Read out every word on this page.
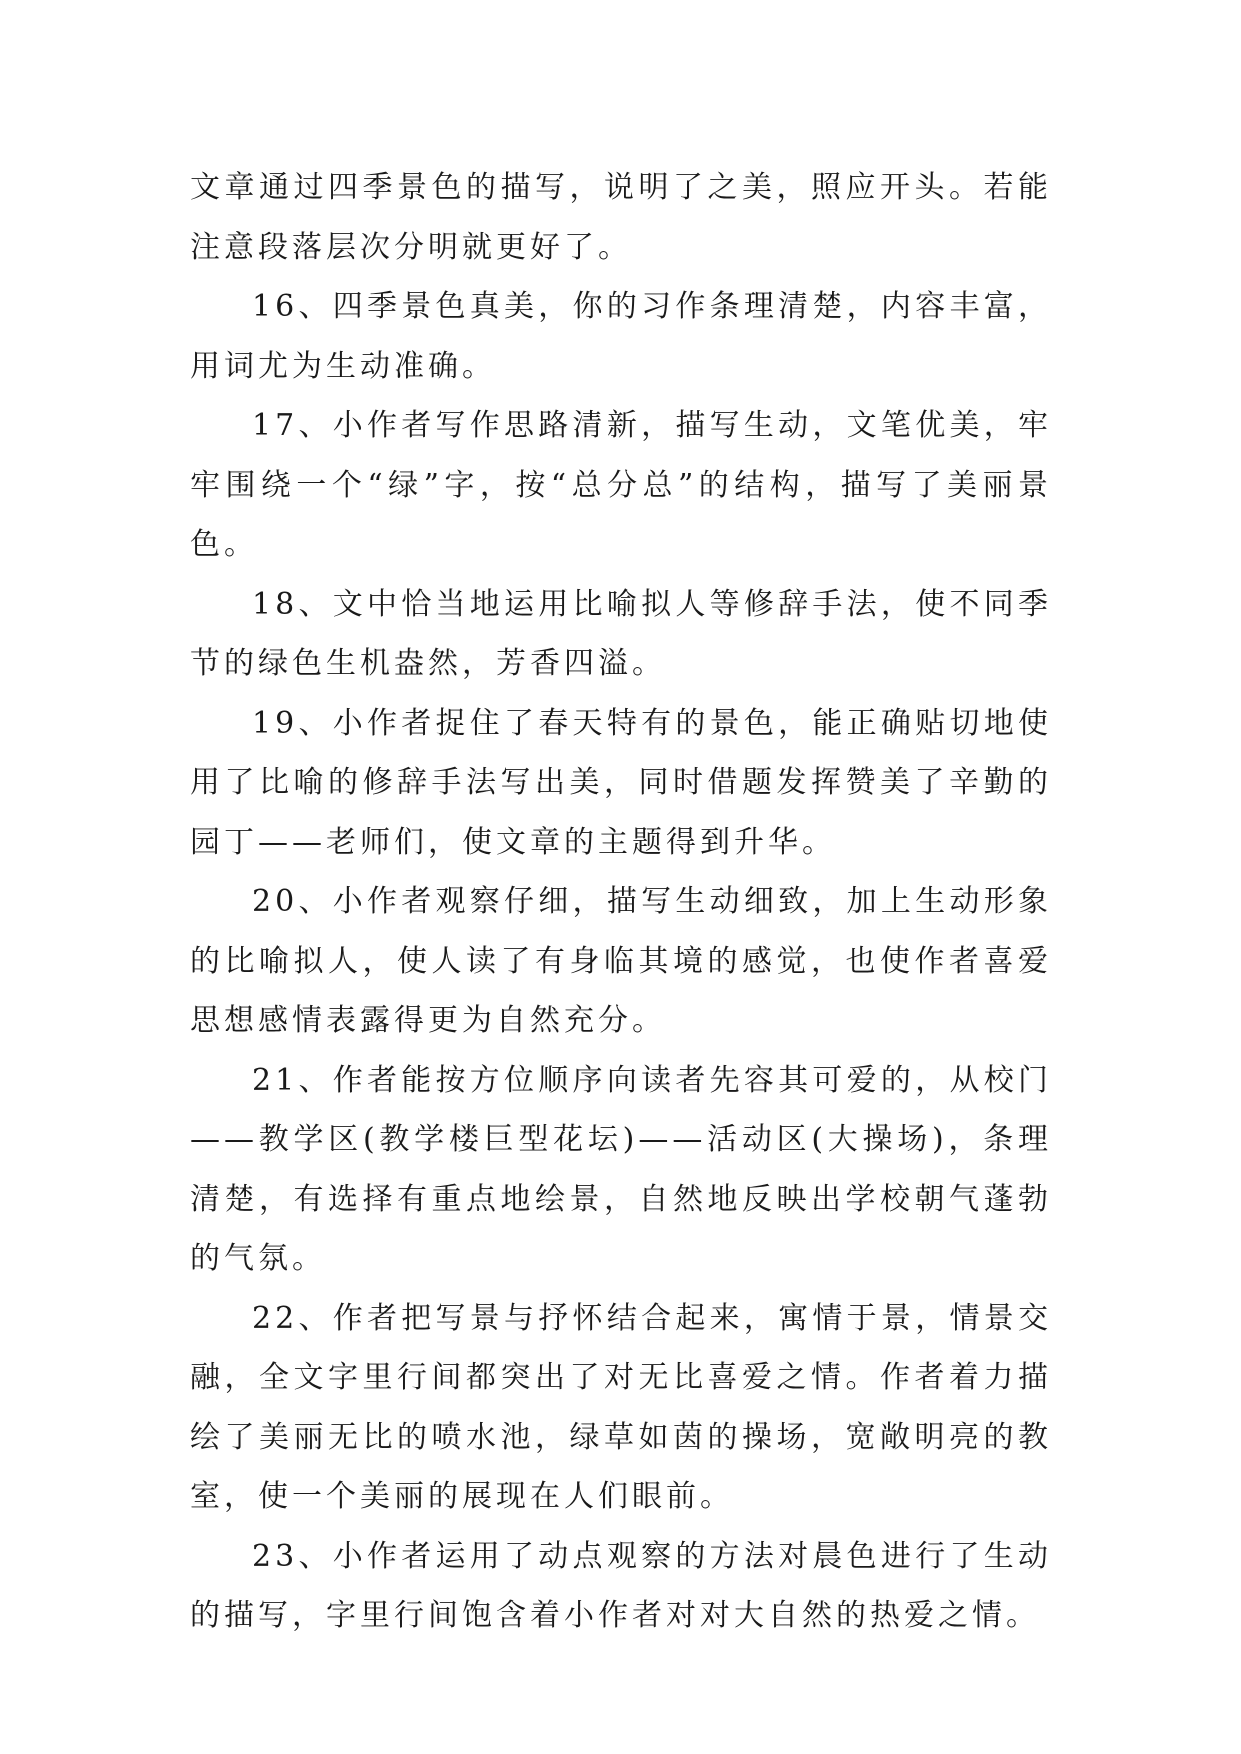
文章通过四季景色的描写，说明了之美，照应开头。若能注意段落层次分明就更好了。

16、四季景色真美，你的习作条理清楚，内容丰富，用词尤为生动准确。

17、小作者写作思路清新，描写生动，文笔优美，牢牢围绕一个“绿”字，按“总分总”的结构，描写了美丽景色。

18、文中恰当地运用比喻拟人等修辞手法，使不同季节的绿色生机盎然，芳香四溢。

19、小作者捉住了春天特有的景色，能正确贴切地使用了比喻的修辞手法写出美，同时借题发挥赞美了辛勤的园丁——老师们，使文章的主题得到升华。

20、小作者观察仔细，描写生动细致，加上生动形象的比喻拟人，使人读了有身临其境的感觉，也使作者喜爱思想感情表露得更为自然充分。

21、作者能按方位顺序向读者先容其可爱的，从校门——教学区(教学楼巨型花坛)——活动区(大操场)，条理清楚，有选择有重点地绘景，自然地反映出学校朝气蓬勃的气氛。

22、作者把写景与抒怀结合起来，寓情于景，情景交融，全文字里行间都突出了对无比喜爱之情。作者着力描绘了美丽无比的喷水池，绿草如茵的操场，宽敞明亮的教室，使一个美丽的展现在人们眼前。

23、小作者运用了动点观察的方法对晨色进行了生动的描写，字里行间饱含着小作者对对大自然的热爱之情。
